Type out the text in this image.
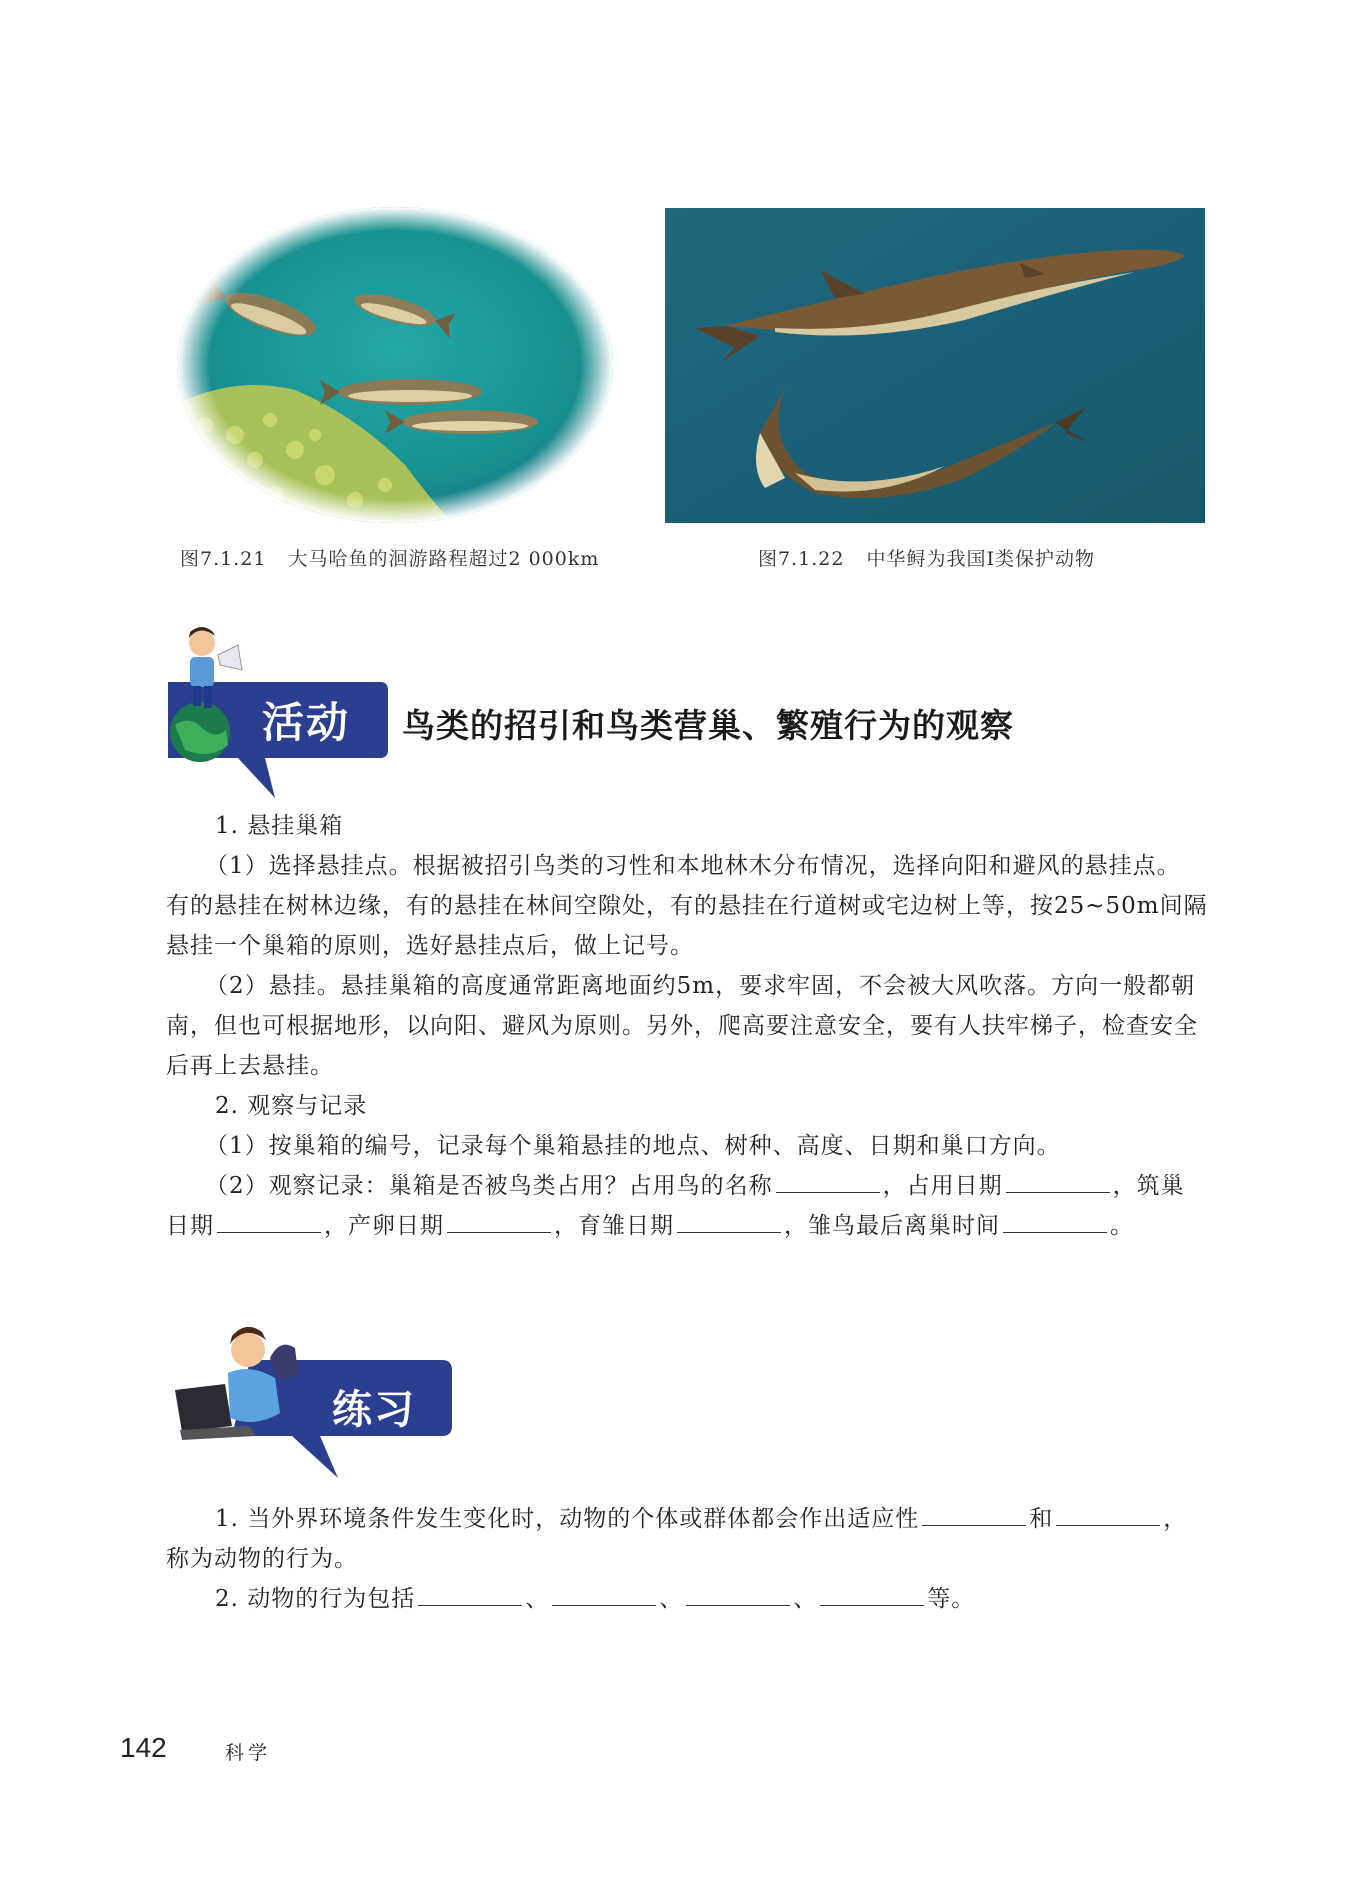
图7.1.21 大马哈鱼的洄游路程超过2 000km	图7.1.22 中华鲟为我国Ⅰ类保护动物
活动 鸟类的招引和鸟类营巢、繁殖行为的观察
1. 悬挂巢箱
（1）选择悬挂点。根据被招引鸟类的习性和本地林木分布情况，选择向阳和避风的悬挂点。
有的悬挂在树林边缘，有的悬挂在林间空隙处，有的悬挂在行道树或宅边树上等，按25~50m间隔
悬挂一个巢箱的原则，选好悬挂点后，做上记号。
（2）悬挂。悬挂巢箱的高度通常距离地面约5m，要求牢固，不会被大风吹落。方向一般都朝
南，但也可根据地形，以向阳、避风为原则。另外，爬高要注意安全，要有人扶牢梯子，检查安全
后再上去悬挂。
2. 观察与记录
（1）按巢箱的编号，记录每个巢箱悬挂的地点、树种、高度、日期和巢口方向。
（2）观察记录：巢箱是否被鸟类占用？占用鸟的名称	，占用日期	，筑巢
日期	，产卵日期	，育雏日期	，雏鸟最后离巢时间	。
练习
1. 当外界环境条件发生变化时，动物的个体或群体都会作出适应性	和	，
称为动物的行为。
2. 动物的行为包括	、	、	、	等。
142	科学
